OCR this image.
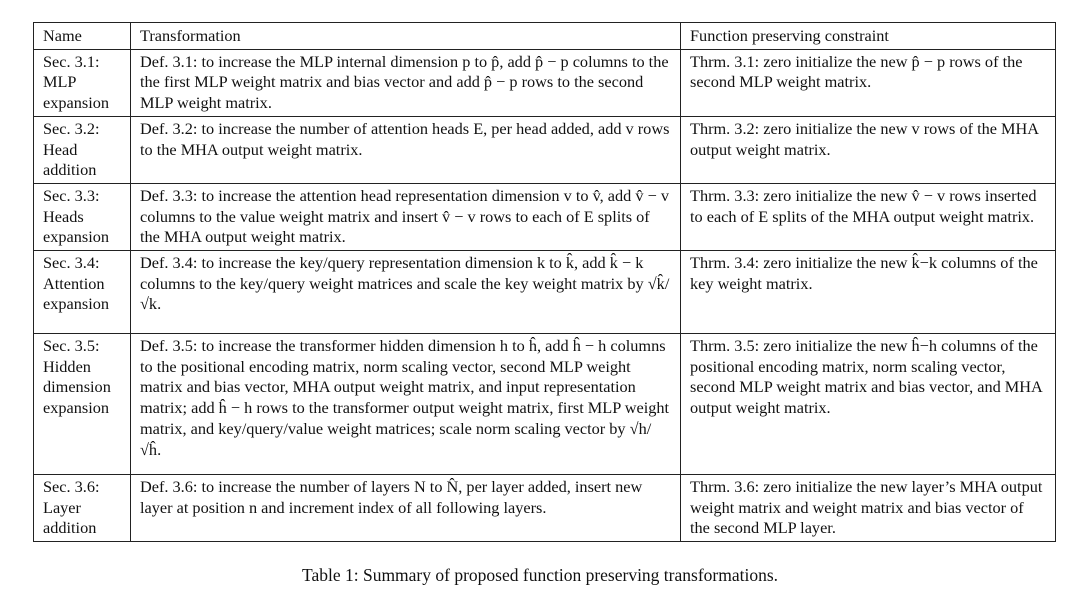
Name	Transformation	Function preserving constraint
Sec. 3.1: MLP expansion	Def. 3.1: to increase the MLP internal dimension p to p̂, add p̂ − p columns to the the first MLP weight matrix and bias vector and add p̂ − p rows to the second MLP weight matrix.	Thrm. 3.1: zero initialize the new p̂ − p rows of the second MLP weight matrix.
Sec. 3.2: Head addition	Def. 3.2: to increase the number of attention heads E, per head added, add v rows to the MHA output weight matrix.	Thrm. 3.2: zero initialize the new v rows of the MHA output weight matrix.
Sec. 3.3: Heads expansion	Def. 3.3: to increase the attention head representation dimension v to v̂, add v̂ − v columns to the value weight matrix and insert v̂ − v rows to each of E splits of the MHA output weight matrix.	Thrm. 3.3: zero initialize the new v̂ − v rows inserted to each of E splits of the MHA output weight matrix.
Sec. 3.4: Attention expansion	Def. 3.4: to increase the key/query representation dimension k to k̂, add k̂ − k columns to the key/query weight matrices and scale the key weight matrix by √k̂/√k.	Thrm. 3.4: zero initialize the new k̂−k columns of the key weight matrix.
Sec. 3.5: Hidden dimension expansion	Def. 3.5: to increase the transformer hidden dimension h to ĥ, add ĥ − h columns to the positional encoding matrix, norm scaling vector, second MLP weight matrix and bias vector, MHA output weight matrix, and input representation matrix; add ĥ − h rows to the transformer output weight matrix, first MLP weight matrix, and key/query/value weight matrices; scale norm scaling vector by √h/√ĥ.	Thrm. 3.5: zero initialize the new ĥ−h columns of the positional encoding matrix, norm scaling vector, second MLP weight matrix and bias vector, and MHA output weight matrix.
Sec. 3.6: Layer addition	Def. 3.6: to increase the number of layers N to N̂, per layer added, insert new layer at position n and increment index of all following layers.	Thrm. 3.6: zero initialize the new layer’s MHA output weight matrix and weight matrix and bias vector of the second MLP layer.
Table 1: Summary of proposed function preserving transformations.
